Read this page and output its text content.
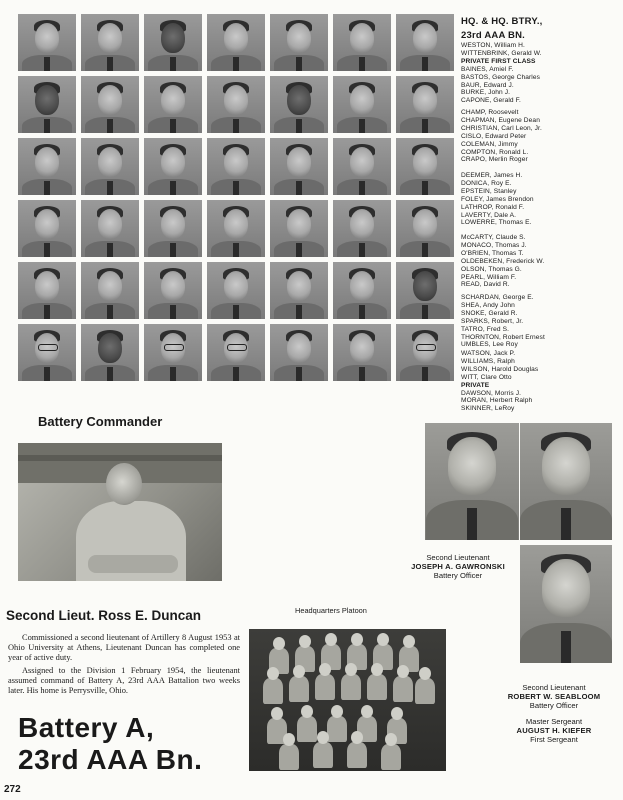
HQ. & HQ. BTRY.,
23rd AAA BN.
WESTON, William H.
WITTENBRINK, Gerald W.
PRIVATE FIRST CLASS
BAINES, Amiel F.
BASTOS, George Charles
BAUR, Edward J.
BURKE, John J.
CAPONE, Gerald F.
CHAMP, Roosevelt
CHAPMAN, Eugene Dean
CHRISTIAN, Carl Leon, Jr.
CISLO, Edward Peter
COLEMAN, Jimmy
COMPTON, Ronald L.
CRAPO, Merlin Roger
DEEMER, James H.
DONICA, Roy E.
EPSTEIN, Stanley
FOLEY, James Brendon
LATHROP, Ronald F.
LAVERTY, Dale A.
LOWERRE, Thomas E.
McCARTY, Claude S.
MONACO, Thomas J.
O'BRIEN, Thomas T.
OLDEBEKEN, Frederick W.
OLSON, Thomas G.
PEARL, William F.
READ, David R.
SCHARDAN, George E.
SHEA, Andy John
SNOKE, Gerald R.
SPARKS, Robert, Jr.
TATRO, Fred S.
THORNTON, Robert Ernest
UMBLES, Lee Roy
WATSON, Jack P.
WILLIAMS, Ralph
WILSON, Harold Douglas
WITT, Clare Otto
PRIVATE
DAWSON, Morris J.
MORAN, Herbert Ralph
SKINNER, LeRoy
Battery Commander
Second Lieut. Ross E. Duncan

Commissioned a second lieutenant of Artillery 8 August 1953 at Ohio University at Athens, Lieutenant Duncan has completed one year of active duty.

Assigned to the Division 1 February 1954, the lieutenant assumed command of Battery A, 23rd AAA Battalion two weeks later. His home is Perrysville, Ohio.

Battery A,
23rd AAA Bn.
272
Headquarters Platoon
Second Lieutenant
JOSEPH A. GAWRONSKI
Battery Officer
Second Lieutenant
ROBERT W. SEABLOOM
Battery Officer
Master Sergeant
AUGUST H. KIEFER
First Sergeant
